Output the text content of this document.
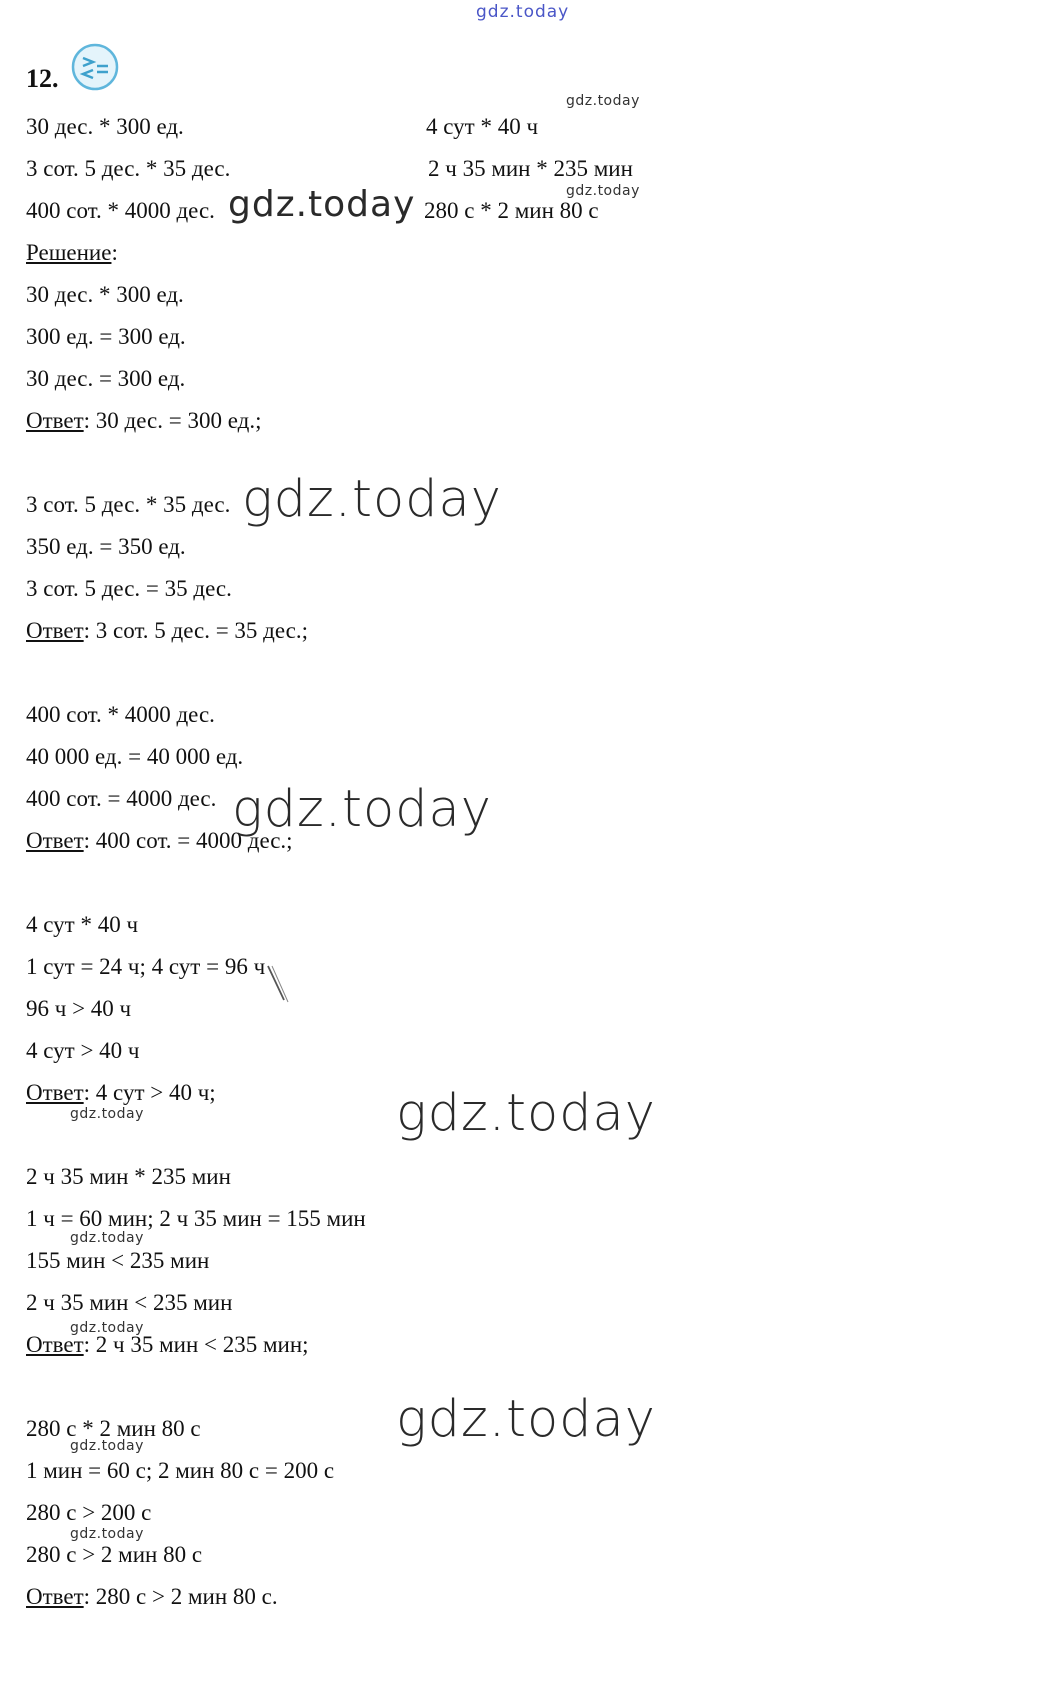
gdz.today
12.
30 дес. * 300 ед.
3 сот. 5 дес. * 35 дес.
400 сот. * 4000 дес.
4 сут * 40 ч
2 ч 35 мин * 235 мин
280 с * 2 мин 80 с
Решение:
30 дес. * 300 ед.
300 ед. = 300 ед.
30 дес. = 300 ед.
Ответ: 30 дес. = 300 ед.;
3 сот. 5 дес. * 35 дес.
350 ед. = 350 ед.
3 сот. 5 дес. = 35 дес.
Ответ: 3 сот. 5 дес. = 35 дес.;
400 сот. * 4000 дес.
40 000 ед. = 40 000 ед.
400 сот. = 4000 дес.
Ответ: 400 сот. = 4000 дес.;
4 сут * 40 ч
1 сут = 24 ч; 4 сут = 96 ч
96 ч > 40 ч
4 сут > 40 ч
Ответ: 4 сут > 40 ч;
2 ч 35 мин * 235 мин
1 ч = 60 мин; 2 ч 35 мин = 155 мин
155 мин < 235 мин
2 ч 35 мин < 235 мин
Ответ: 2 ч 35 мин < 235 мин;
280 с * 2 мин 80 с
1 мин = 60 с; 2 мин 80 с = 200 с
280 с > 200 с
280 с > 2 мин 80 с
Ответ: 280 с > 2 мин 80 с.
gdz.today
gdz.today
gdz.today
gdz.today
gdz.today
gdz.today
gdz.today
gdz.today
gdz.today
gdz.today
gdz.today
gdz.today
